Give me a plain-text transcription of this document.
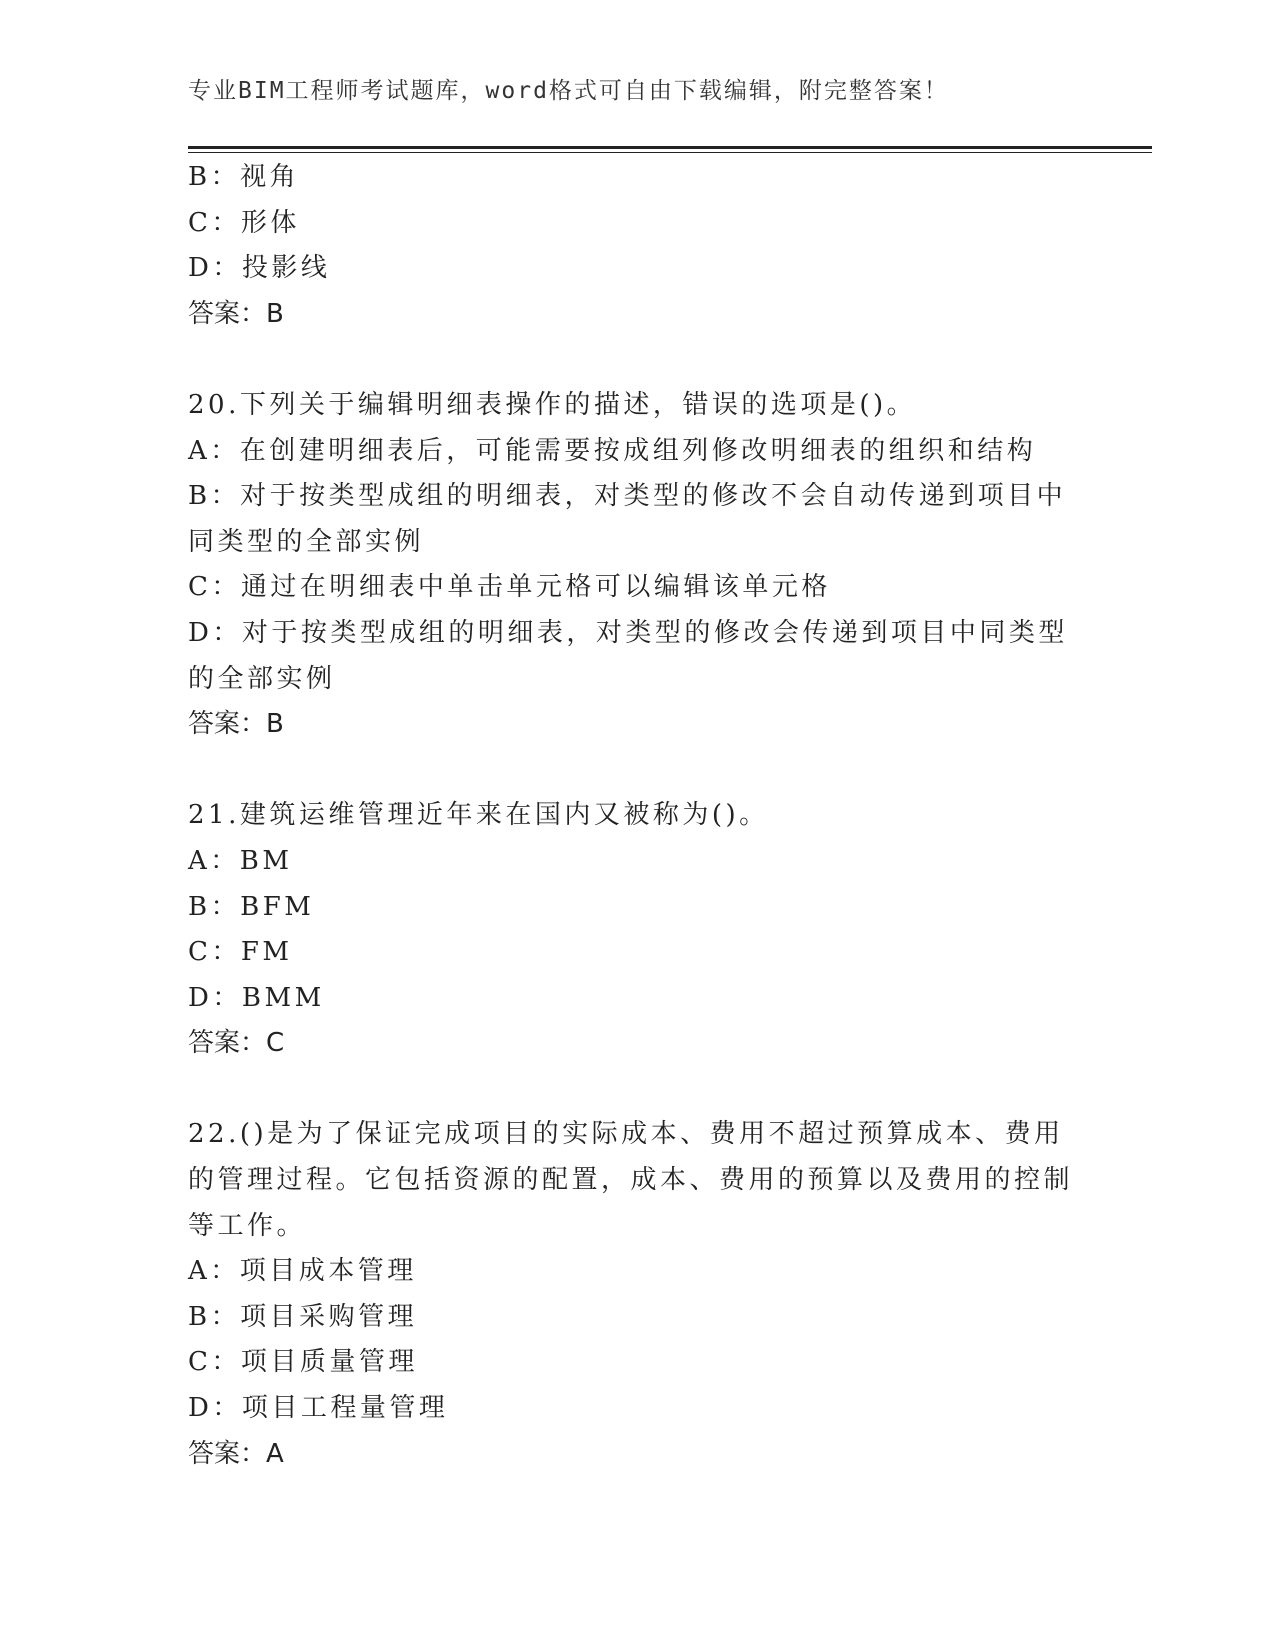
专业BIM工程师考试题库，word格式可自由下载编辑，附完整答案！
B：视角
C：形体
D：投影线
答案：B
20.下列关于编辑明细表操作的描述，错误的选项是()。
A：在创建明细表后，可能需要按成组列修改明细表的组织和结构
B：对于按类型成组的明细表，对类型的修改不会自动传递到项目中同类型的全部实例
C：通过在明细表中单击单元格可以编辑该单元格
D：对于按类型成组的明细表，对类型的修改会传递到项目中同类型的全部实例
答案：B
21.建筑运维管理近年来在国内又被称为()。
A：BM
B：BFM
C：FM
D：BMM
答案：C
22.()是为了保证完成项目的实际成本、费用不超过预算成本、费用的管理过程。它包括资源的配置，成本、费用的预算以及费用的控制等工作。
A：项目成本管理
B：项目采购管理
C：项目质量管理
D：项目工程量管理
答案：A
